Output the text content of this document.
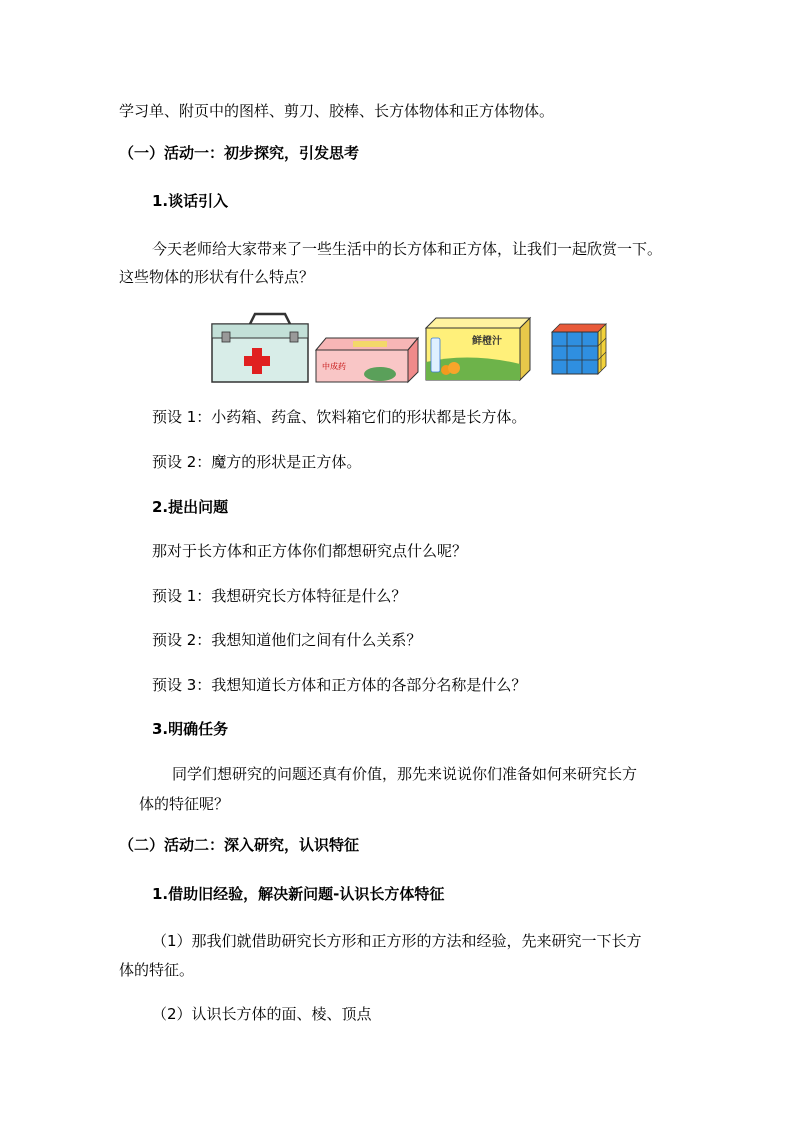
学习单、附页中的图样、剪刀、胶棒、长方体物体和正方体物体。
（一）活动一：初步探究，引发思考
1.谈话引入
今天老师给大家带来了一些生活中的长方体和正方体，让我们一起欣赏一下。
这些物体的形状有什么特点？
中成药
鲜橙汁
预设 1：小药箱、药盒、饮料箱它们的形状都是长方体。
预设 2：魔方的形状是正方体。
2.提出问题
那对于长方体和正方体你们都想研究点什么呢？
预设 1：我想研究长方体特征是什么？
预设 2：我想知道他们之间有什么关系？
预设 3：我想知道长方体和正方体的各部分名称是什么？
3.明确任务
同学们想研究的问题还真有价值，那先来说说你们准备如何来研究长方
体的特征呢？
（二）活动二：深入研究，认识特征
1.借助旧经验，解决新问题-认识长方体特征
（1）那我们就借助研究长方形和正方形的方法和经验，先来研究一下长方
体的特征。
（2）认识长方体的面、棱、顶点
